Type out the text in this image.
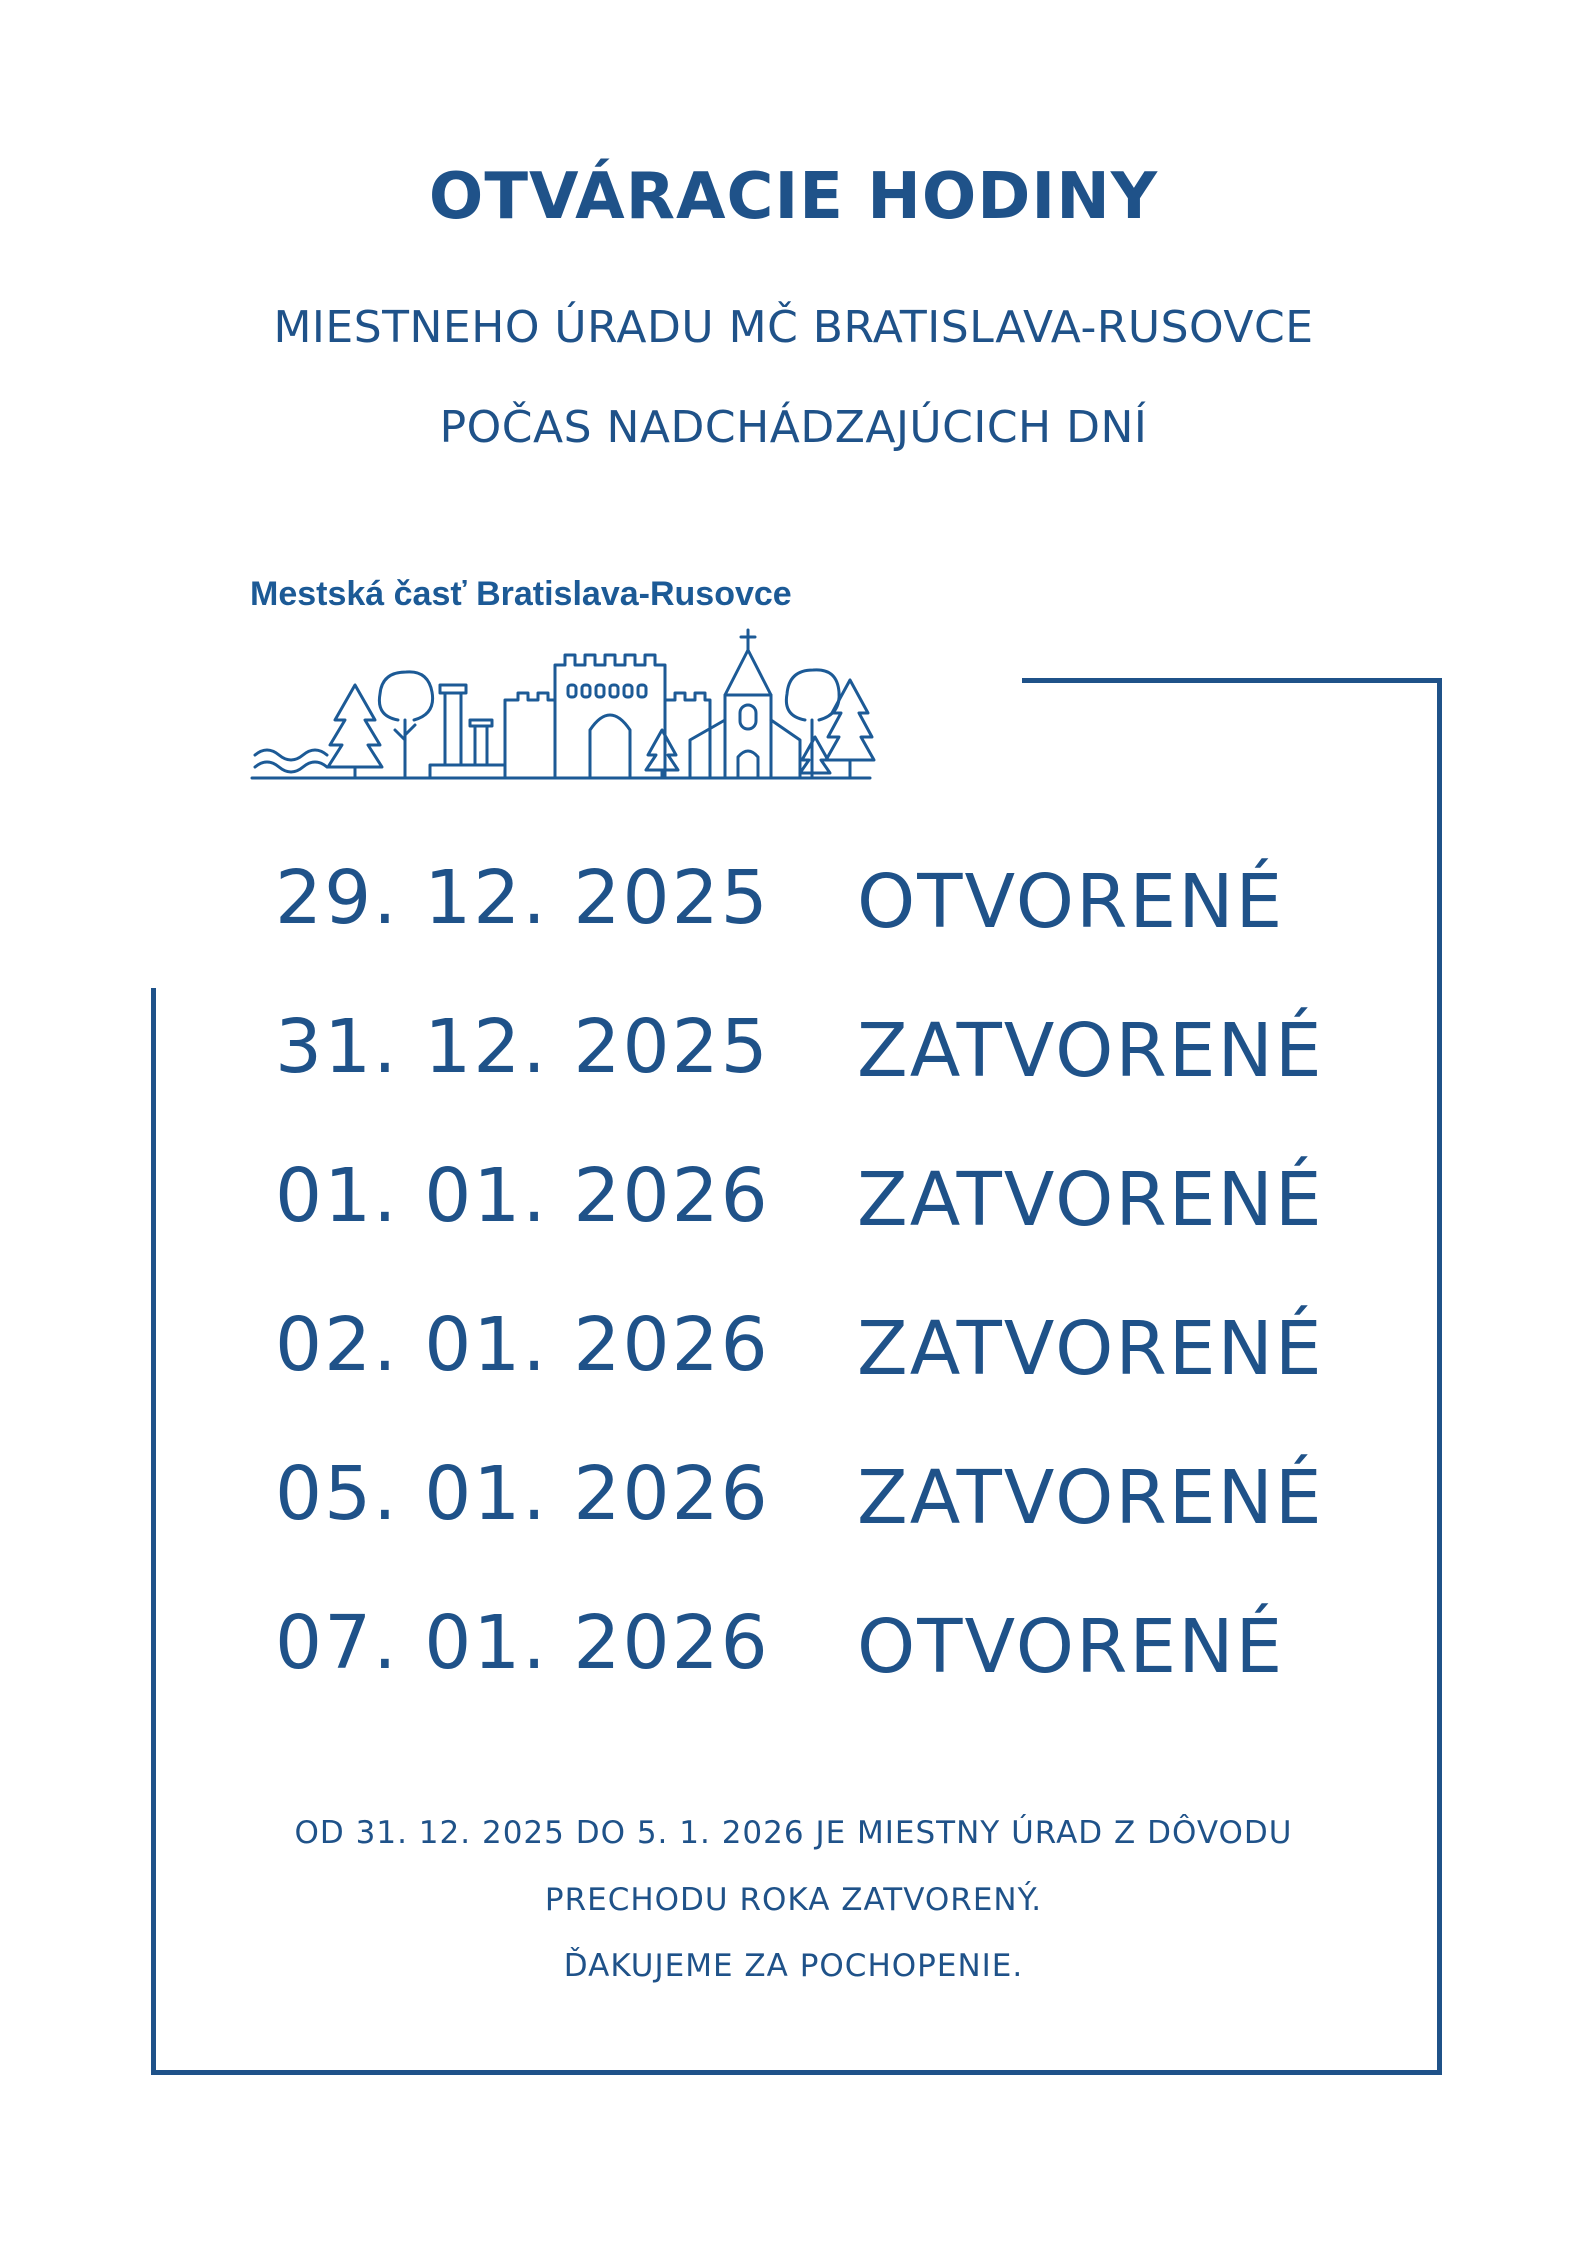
OTVÁRACIE HODINY
MIESTNEHO ÚRADU MČ BRATISLAVA-RUSOVCE
POČAS NADCHÁDZAJÚCICH DNÍ
Mestská časť Bratislava-Rusovce
29. 12. 2025 OTVORENÉ
31. 12. 2025 ZATVORENÉ
01. 01. 2026 ZATVORENÉ
02. 01. 2026 ZATVORENÉ
05. 01. 2026 ZATVORENÉ
07. 01. 2026 OTVORENÉ
OD 31. 12. 2025 DO 5. 1. 2026 JE MIESTNY ÚRAD Z DÔVODU
PRECHODU ROKA ZATVORENÝ.
ĎAKUJEME ZA POCHOPENIE.
